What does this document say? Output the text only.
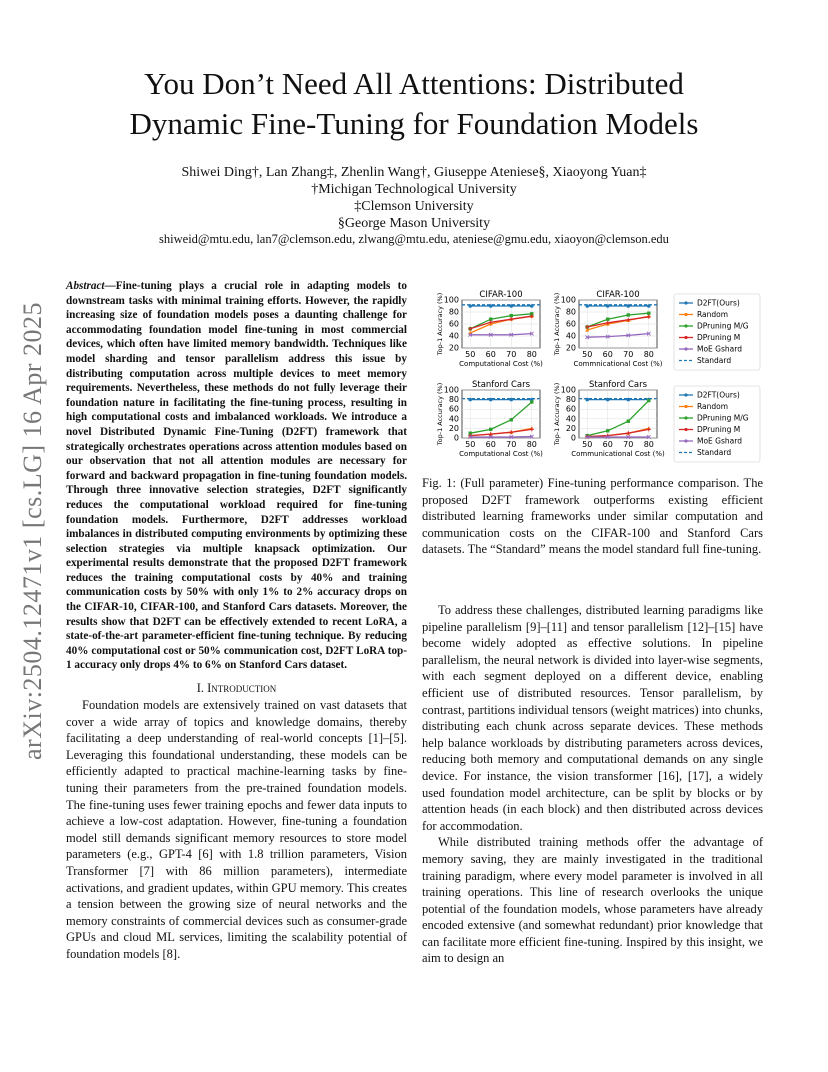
arXiv:2504.12471v1 [cs.LG] 16 Apr 2025
You Don’t Need All Attentions: Distributed
Dynamic Fine-Tuning for Foundation Models
Shiwei Ding†, Lan Zhang‡, Zhenlin Wang†, Giuseppe Ateniese§, Xiaoyong Yuan‡
†Michigan Technological University
‡Clemson University
§George Mason University
shiweid@mtu.edu, lan7@clemson.edu, zlwang@mtu.edu, ateniese@gmu.edu, xiaoyon@clemson.edu

Abstract—Fine-tuning plays a crucial role in adapting models to downstream tasks with minimal training efforts. However, the rapidly increasing size of foundation models poses a daunting challenge for accommodating foundation model fine-tuning in most commercial devices, which often have limited memory bandwidth. Techniques like model sharding and tensor parallelism address this issue by distributing computation across multiple devices to meet memory requirements. Nevertheless, these methods do not fully leverage their foundation nature in facilitating the fine-tuning process, resulting in high computational costs and imbalanced workloads. We introduce a novel Distributed Dynamic Fine-Tuning (D2FT) framework that strategically orchestrates operations across attention modules based on our observation that not all attention modules are necessary for forward and backward propagation in fine-tuning foundation models. Through three innovative selection strategies, D2FT significantly reduces the computational workload required for fine-tuning foundation models. Furthermore, D2FT addresses workload imbalances in distributed computing environments by optimizing these selection strategies via multiple knapsack optimization. Our experimental results demonstrate that the proposed D2FT framework reduces the training computational costs by 40% and training communication costs by 50% with only 1% to 2% accuracy drops on the CIFAR-10, CIFAR-100, and Stanford Cars datasets. Moreover, the results show that D2FT can be effectively extended to recent LoRA, a state-of-the-art parameter-efficient fine-tuning technique. By reducing 40% computational cost or 50% communication cost, D2FT LoRA top-1 accuracy only drops 4% to 6% on Stanford Cars dataset.

I. Introduction

Foundation models are extensively trained on vast datasets that cover a wide array of topics and knowledge domains, thereby facilitating a deep understanding of real-world concepts [1]–[5]. Leveraging this foundational understanding, these models can be efficiently adapted to practical machine-learning tasks by fine-tuning their parameters from the pre-trained foundation models. The fine-tuning uses fewer training epochs and fewer data inputs to achieve a low-cost adaptation. However, fine-tuning a foundation model still demands significant memory resources to store model parameters (e.g., GPT-4 [6] with 1.8 trillion parameters, Vision Transformer [7] with 86 million parameters), intermediate activations, and gradient updates, within GPU memory. This creates a tension between the growing size of neural networks and the memory constraints of commercial devices such as consumer-grade GPUs and cloud ML services, limiting the scalability potential of foundation models [8].

20
40
60
80
100
50 60 70 80
CIFAR-100
Computational Cost (%)
Top-1 Accuracy (%)	20
40
60
80
100
50 60 70 80
CIFAR-100
Commnicational Cost (%)
Top-1 Accuracy (%)
0
20
40
60
80
100
50 60 70 80
Stanford Cars
Computational Cost (%)
Top-1 Accuracy (%)	0
20
40
60
80
100
50 60 70 80
Stanford Cars
Communicational Cost (%)
Top-1 Accuracy (%)
D2FT(Ours)
Random
DPruning M/G
DPruning M
MoE Gshard
Standard
D2FT(Ours)
Random
DPruning M/G
DPruning M
MoE Gshard
Standard
Fig. 1: (Full parameter) Fine-tuning performance comparison. The proposed D2FT framework outperforms existing efficient distributed learning frameworks under similar computation and communication costs on the CIFAR-100 and Stanford Cars datasets. The “Standard” means the model standard full fine-tuning.

To address these challenges, distributed learning paradigms like pipeline parallelism [9]–[11] and tensor parallelism [12]–[15] have become widely adopted as effective solutions. In pipeline parallelism, the neural network is divided into layer-wise segments, with each segment deployed on a different device, enabling efficient use of distributed resources. Tensor parallelism, by contrast, partitions individual tensors (weight matrices) into chunks, distributing each chunk across separate devices. These methods help balance workloads by distributing parameters across devices, reducing both memory and computational demands on any single device. For instance, the vision transformer [16], [17], a widely used foundation model architecture, can be split by blocks or by attention heads (in each block) and then distributed across devices for accommodation.

While distributed training methods offer the advantage of memory saving, they are mainly investigated in the traditional training paradigm, where every model parameter is involved in all training operations. This line of research overlooks the unique potential of the foundation models, whose parameters have already encoded extensive (and somewhat redundant) prior knowledge that can facilitate more efficient fine-tuning. Inspired by this insight, we aim to design an
